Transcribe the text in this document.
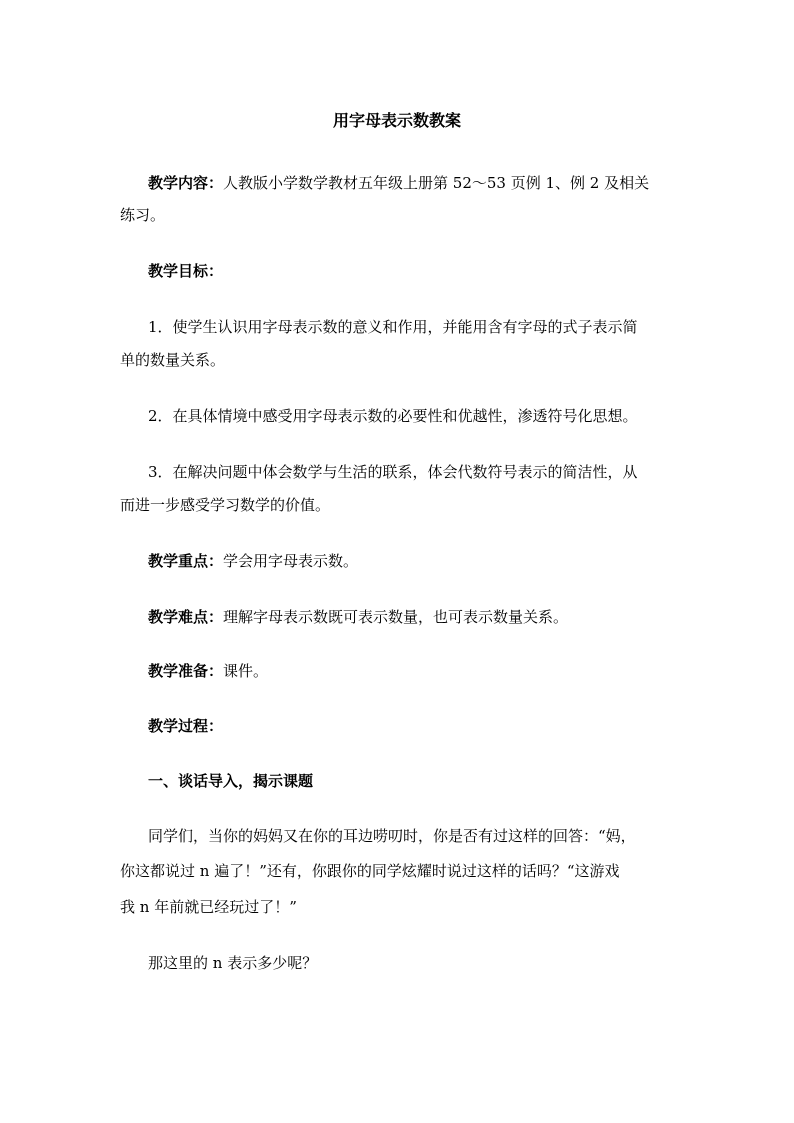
用字母表示数教案
教学内容：人教版小学数学教材五年级上册第 52～53 页例 1、例 2 及相关
练习。
教学目标：
1．使学生认识用字母表示数的意义和作用，并能用含有字母的式子表示简
单的数量关系。
2．在具体情境中感受用字母表示数的必要性和优越性，渗透符号化思想。
3．在解决问题中体会数学与生活的联系，体会代数符号表示的简洁性，从
而进一步感受学习数学的价值。
教学重点：学会用字母表示数。
教学难点：理解字母表示数既可表示数量，也可表示数量关系。
教学准备：课件。
教学过程：
一、谈话导入，揭示课题
同学们，当你的妈妈又在你的耳边唠叨时，你是否有过这样的回答：“妈，
你这都说过 n 遍了！”还有，你跟你的同学炫耀时说过这样的话吗？“这游戏
我 n 年前就已经玩过了！”
那这里的 n 表示多少呢？
